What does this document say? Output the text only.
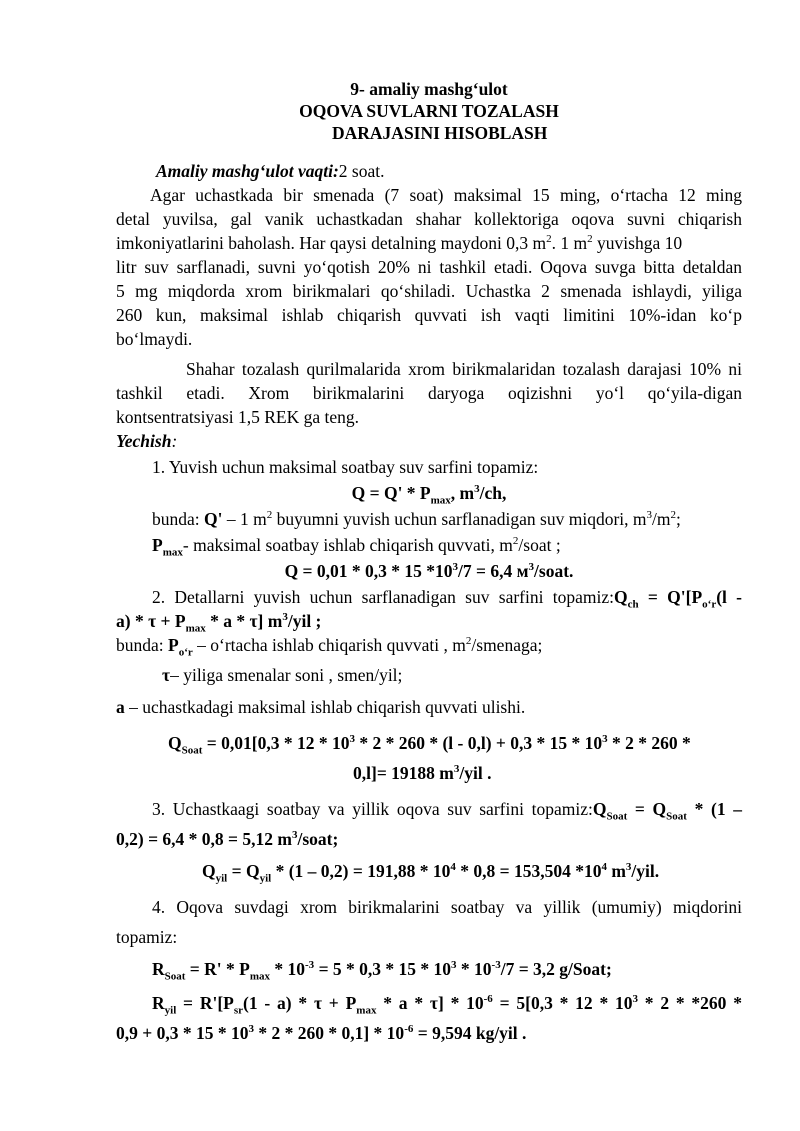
9- amaliy mashg‘ulot
OQOVA SUVLARNI TOZALASH
DARAJASINI HISOBLASH
Amaliy mashg‘ulot vaqti:2 soat.
Agar uchastkada bir smenada (7 soat) maksimal 15 ming, o‘rtacha 12 ming
detal yuvilsa, gal vanik uchastkadan shahar kollektoriga oqova suvni chiqarish
imkoniyatlarini baholash. Har qaysi detalning maydoni 0,3 $m^2$. 1 $m^2$ yuvishga 10
litr suv sarflanadi, suvni yo‘qotish 20% ni tashkil etadi. Oqova suvga bitta detaldan
5 mg miqdorda xrom birikmalari qo‘shiladi. Uchastka 2 smenada ishlaydi, yiliga
260 kun, maksimal ishlab chiqarish quvvati ish vaqti limitini 10%-idan ko‘p
bo‘lmaydi.
Shahar tozalash qurilmalarida xrom birikmalaridan tozalash darajasi 10% ni
tashkil etadi. Xrom birikmalarini daryoga oqizishni yo‘l qo‘yila-digan
kontsentratsiyasi 1,5 REK ga teng.
Yechish:
1. Yuvish uchun maksimal soatbay suv sarfini topamiz:
$Q = Q' * P_{max}$, $m^3/ch$,
bunda: Q' – 1 $m^2$ buyumni yuvish uchun sarflanadigan suv miqdori, $m^3/m^2$;
$P_{max}-$ maksimal soatbay ishlab chiqarish quvvati, $m^2$/soat ;
Q = 0,01 * 0,3 * 15 $*10^3/7 = 6,4$ $м^3$/soat.
2. Detallarni yuvish uchun sarflanadigan suv sarfini $topamiz:Q_{ch} = Q'[P_{o‘r}(l$ -
$a) * \tau + P_{max} * a * \tau$] $m^3$/yil ;
bunda: $P_{o‘r}$ – o‘rtacha ishlab chiqarish quvvati , $m^2$/smenaga;
τ– yiliga smenalar soni , smen/yil;
a – uchastkadagi maksimal ishlab chiqarish quvvati ulishi.
$Q_{Soat} = 0,01[0,3 * 12 * 10^3 * 2 * 260 * (l - 0,l) + 0,3 * 15 * 10^3 * 2 * 260$ *
0,l]= 19188 $m^3$/yil .
3. Uchastkaagi soatbay va yillik oqova suv sarfini $topamiz:Q_{Soat} = Q_{Soat} * (1$ –
0,2) = 6,4 * 0,8 = 5,12 $m^3$/soat;
$Q_{yil} = Q_{yil} * (1 - 0,2) = 191,88 * 10^4 * 0,8 = 153,504$ $*10^4$ $m^3$/yil.
4. Oqova suvdagi xrom birikmalarini soatbay va yillik (umumiy) miqdorini
topamiz:
$R_{Soat} = R' * P_{max} * 10^{-3} = 5 * 0,3 * 15 * 10^3 * 10^{-3}/7 = 3,2$ g/Soat;
$R_{yil} = R'[P_{sr}(1 - a) * \tau + P_{max} * a * \tau] * 10^{-6} = 5[0,3 * 12 * 10^3 * 2 * *260$ *
$0,9 + 0,3 * 15 * 10^3 * 2 * 260 * 0,1] * 10^{-6} = 9,594$ kg/yil .
